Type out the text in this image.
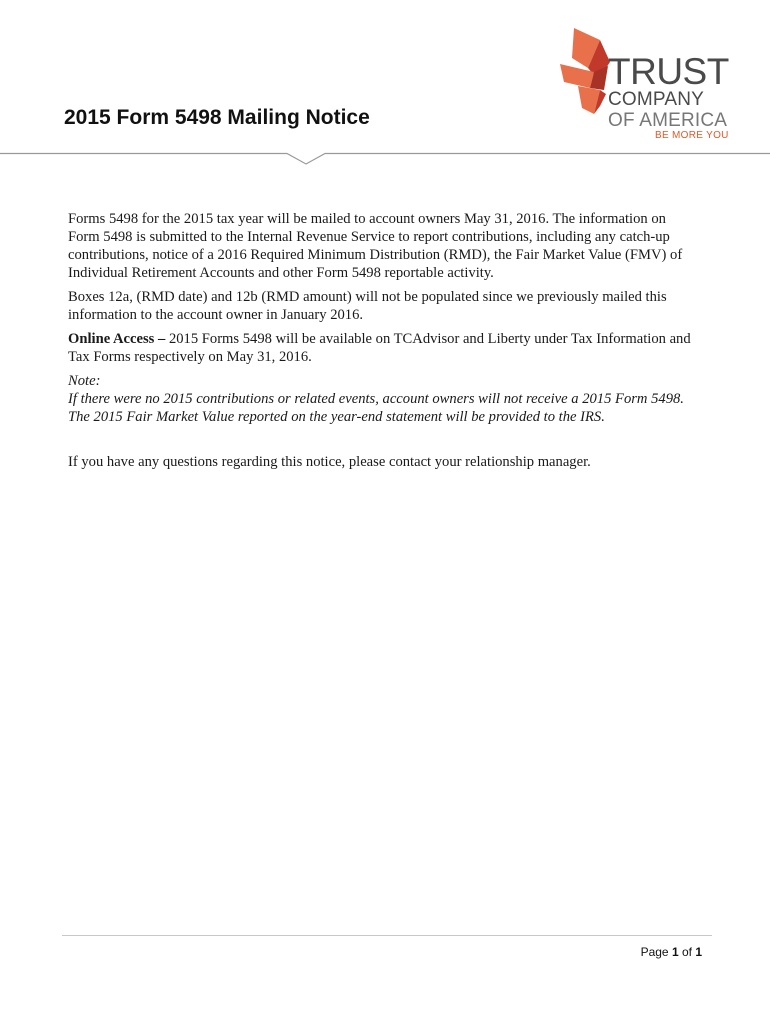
TRUST
COMPANY
OF AMERICA
BE MORE YOU
2015 Form 5498 Mailing Notice

Forms 5498 for the 2015 tax year will be mailed to account owners May 31, 2016. The information on Form 5498 is submitted to the Internal Revenue Service to report contributions, including any catch-up contributions, notice of a 2016 Required Minimum Distribution (RMD), the Fair Market Value (FMV) of Individual Retirement Accounts and other Form 5498 reportable activity.

Boxes 12a, (RMD date) and 12b (RMD amount) will not be populated since we previously mailed this information to the account owner in January 2016.

Online Access – 2015 Forms 5498 will be available on TCAdvisor and Liberty under Tax Information and Tax Forms respectively on May 31, 2016.

Note:

If there were no 2015 contributions or related events, account owners will not receive a 2015 Form 5498. The 2015 Fair Market Value reported on the year-end statement will be provided to the IRS.

If you have any questions regarding this notice, please contact your relationship manager.

Page 1 of 1
